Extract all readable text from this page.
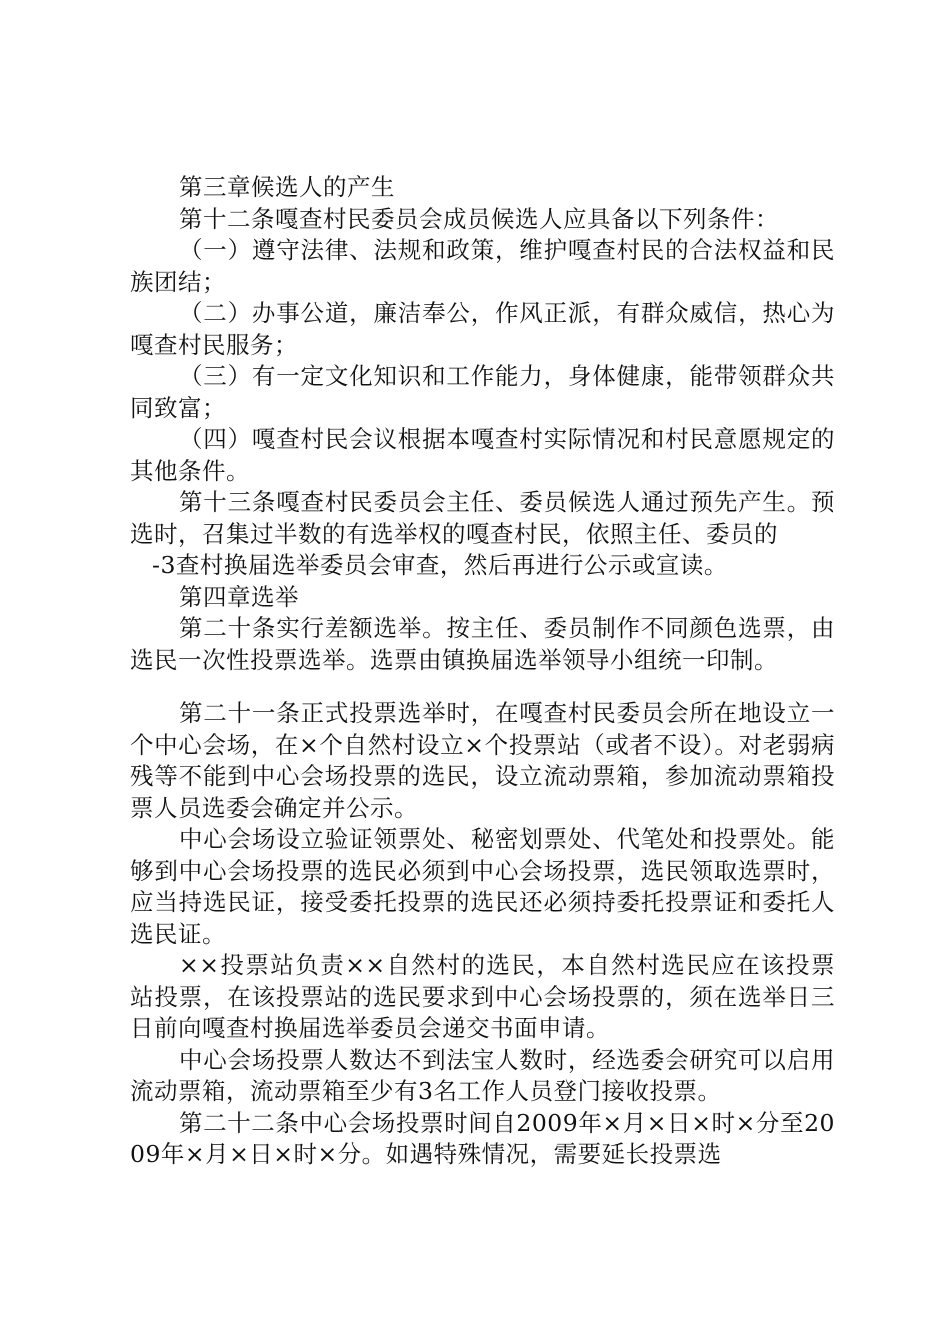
第三章候选人的产生

第十二条嘎查村民委员会成员候选人应具备以下列条件：

（一）遵守法律、法规和政策，维护嘎查村民的合法权益和民族团结；

（二）办事公道，廉洁奉公，作风正派，有群众威信，热心为嘎查村民服务；

（三）有一定文化知识和工作能力，身体健康，能带领群众共同致富；

（四）嘎查村民会议根据本嘎查村实际情况和村民意愿规定的其他条件。

第十三条嘎查村民委员会主任、委员候选人通过预先产生。预选时，召集过半数的有选举权的嘎查村民，依照主任、委员的

-3查村换届选举委员会审查，然后再进行公示或宣读。

第四章选举

第二十条实行差额选举。按主任、委员制作不同颜色选票，由选民一次性投票选举。选票由镇换届选举领导小组统一印制。

第二十一条正式投票选举时，在嘎查村民委员会所在地设立一个中心会场，在×个自然村设立×个投票站（或者不设）。对老弱病残等不能到中心会场投票的选民，设立流动票箱，参加流动票箱投票人员选委会确定并公示。

中心会场设立验证领票处、秘密划票处、代笔处和投票处。能够到中心会场投票的选民必须到中心会场投票，选民领取选票时，应当持选民证，接受委托投票的选民还必须持委托投票证和委托人选民证。

××投票站负责××自然村的选民，本自然村选民应在该投票站投票，在该投票站的选民要求到中心会场投票的，须在选举日三日前向嘎查村换届选举委员会递交书面申请。

中心会场投票人数达不到法宝人数时，经选委会研究可以启用流动票箱，流动票箱至少有3名工作人员登门接收投票。

第二十二条中心会场投票时间自2009年×月×日×时×分至2009年×月×日×时×分。如遇特殊情况，需要延长投票选
